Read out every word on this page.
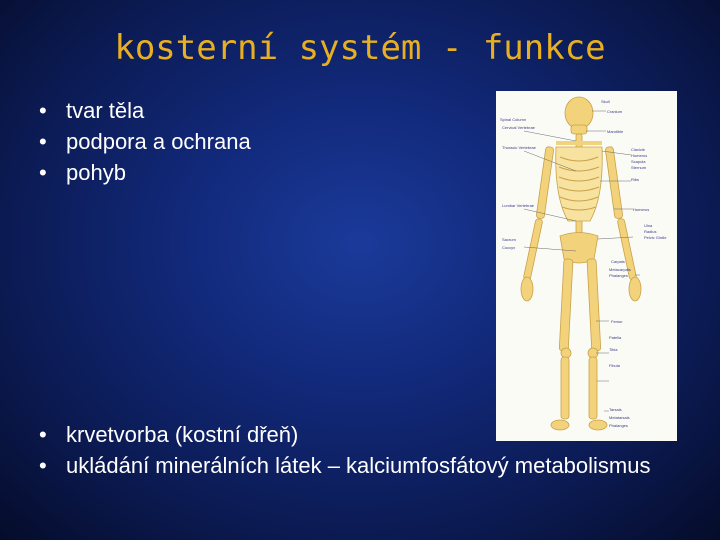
kosterní systém - funkce
• tvar těla
• podpora a ochrana
• pohyb
Skull
Cranium
Mandible
Spinal Column
Cervical Vertebrae
Thoracic Vertebrae
Lumbar Vertebrae
Sacrum
Coccyx
Clavicle
Humerus
Scapula
Sternum
Ribs
Humerus
Ulna
Radius
Pelvic Girdle
Carpals
Metacarpals
Phalanges
Femur
Patella
Tibia
Fibula
Tarsals
Metatarsals
Phalanges
• krvetvorba (kostní dřeň)
• ukládání minerálních látek – kalciumfosfátový metabolismus
